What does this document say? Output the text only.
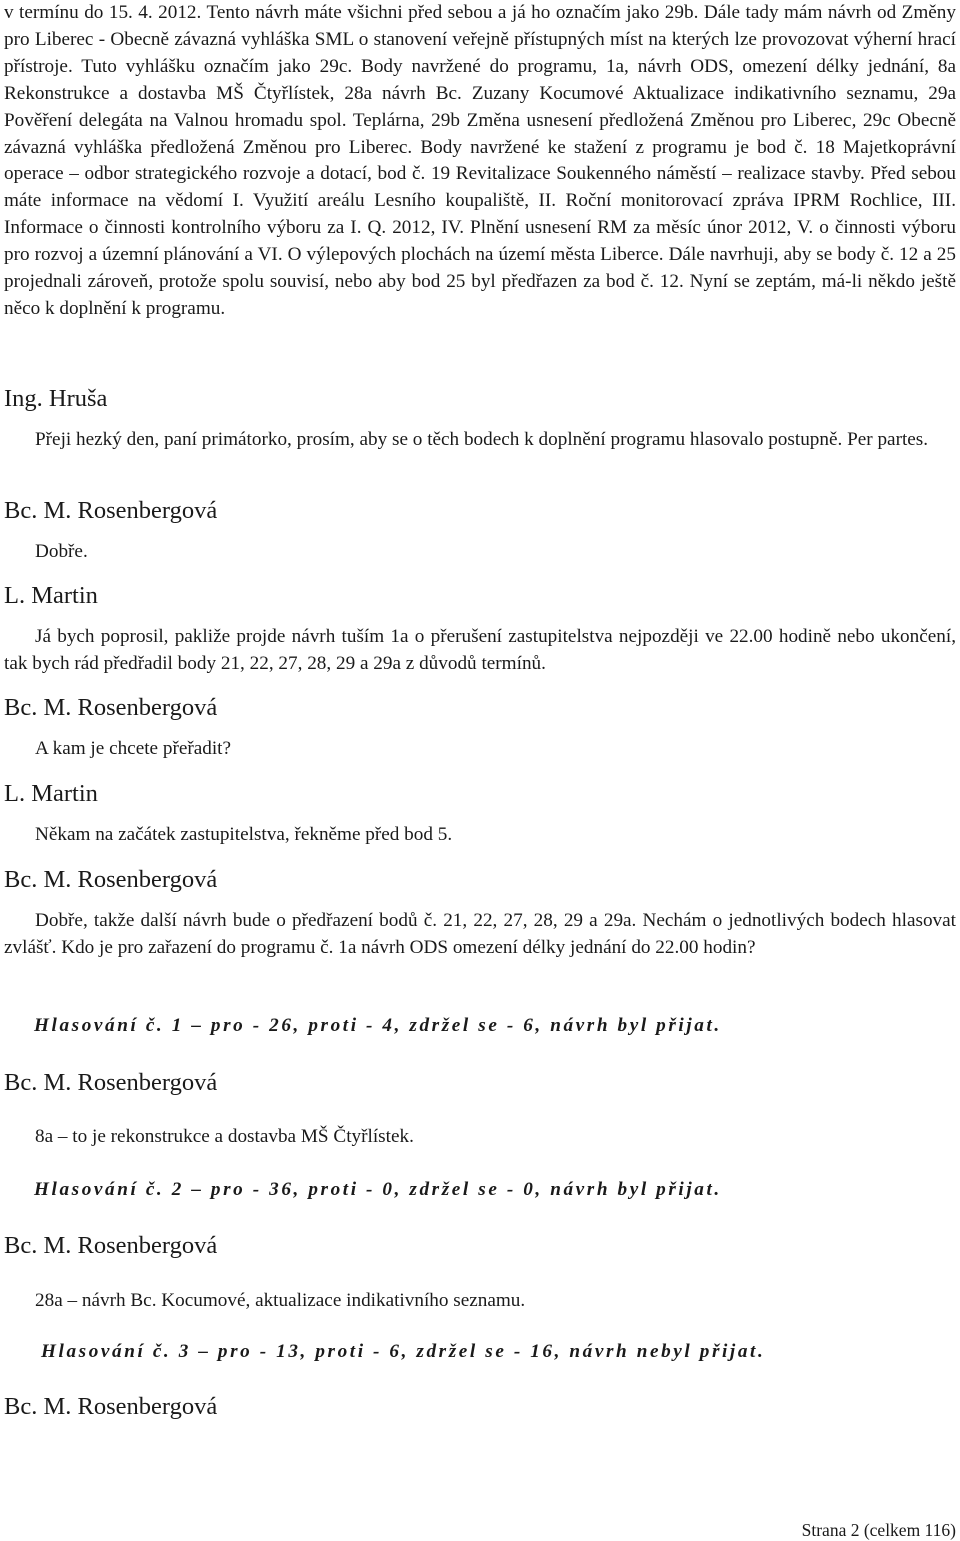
v termínu do 15. 4. 2012. Tento návrh máte všichni před sebou a já ho označím jako 29b. Dále tady mám návrh od Změny pro Liberec - Obecně závazná vyhláška SML o stanovení veřejně přístupných míst na kterých lze provozovat výherní hrací přístroje. Tuto vyhlášku označím jako 29c. Body navržené do programu, 1a, návrh ODS, omezení délky jednání, 8a Rekonstrukce a dostavba MŠ Čtyřlístek, 28a návrh Bc. Zuzany Kocumové Aktualizace indikativního seznamu, 29a Pověření delegáta na Valnou hromadu spol. Teplárna, 29b Změna usnesení předložená Změnou pro Liberec, 29c Obecně závazná vyhláška předložená Změnou pro Liberec. Body navržené ke stažení z programu je bod č. 18 Majetkoprávní operace – odbor strategického rozvoje a dotací, bod č. 19 Revitalizace Soukenného náměstí – realizace stavby. Před sebou máte informace na vědomí I. Využití areálu Lesního koupaliště, II. Roční monitorovací zpráva IPRM Rochlice, III. Informace o činnosti kontrolního výboru za I. Q. 2012, IV. Plnění usnesení RM za měsíc únor 2012, V. o činnosti výboru pro rozvoj a územní plánování a VI. O výlepových plochách na území města Liberce. Dále navrhuji, aby se body č. 12 a 25 projednali zároveň, protože spolu souvisí, nebo aby bod 25 byl předřazen za bod č. 12. Nyní se zeptám, má-li někdo ještě něco k doplnění k programu.

Ing. Hruša

Přeji hezký den, paní primátorko, prosím, aby se o těch bodech k doplnění programu hlasovalo postupně. Per partes.

Bc. M. Rosenbergová

Dobře.

L. Martin

Já bych poprosil, pakliže projde návrh tuším 1a o přerušení zastupitelstva nejpozději ve 22.00 hodině nebo ukončení, tak bych rád předřadil body 21, 22, 27, 28, 29 a 29a z důvodů termínů.

Bc. M. Rosenbergová

A kam je chcete přeřadit?

L. Martin

Někam na začátek zastupitelstva, řekněme před bod 5.

Bc. M. Rosenbergová

Dobře, takže další návrh bude o předřazení bodů č. 21, 22, 27, 28, 29 a 29a. Nechám o jednotlivých bodech hlasovat zvlášť. Kdo je pro zařazení do programu č. 1a návrh ODS omezení délky jednání do 22.00 hodin?

Hlasování č. 1 – pro - 26, proti - 4, zdržel se - 6, návrh byl přijat.

Bc. M. Rosenbergová

8a – to je rekonstrukce a dostavba MŠ Čtyřlístek.

Hlasování č. 2 – pro - 36, proti - 0, zdržel se - 0, návrh byl přijat.

Bc. M. Rosenbergová

28a – návrh Bc. Kocumové, aktualizace indikativního seznamu.

Hlasování č. 3 – pro - 13, proti - 6, zdržel se - 16, návrh nebyl přijat.

Bc. M. Rosenbergová

Strana 2 (celkem 116)
